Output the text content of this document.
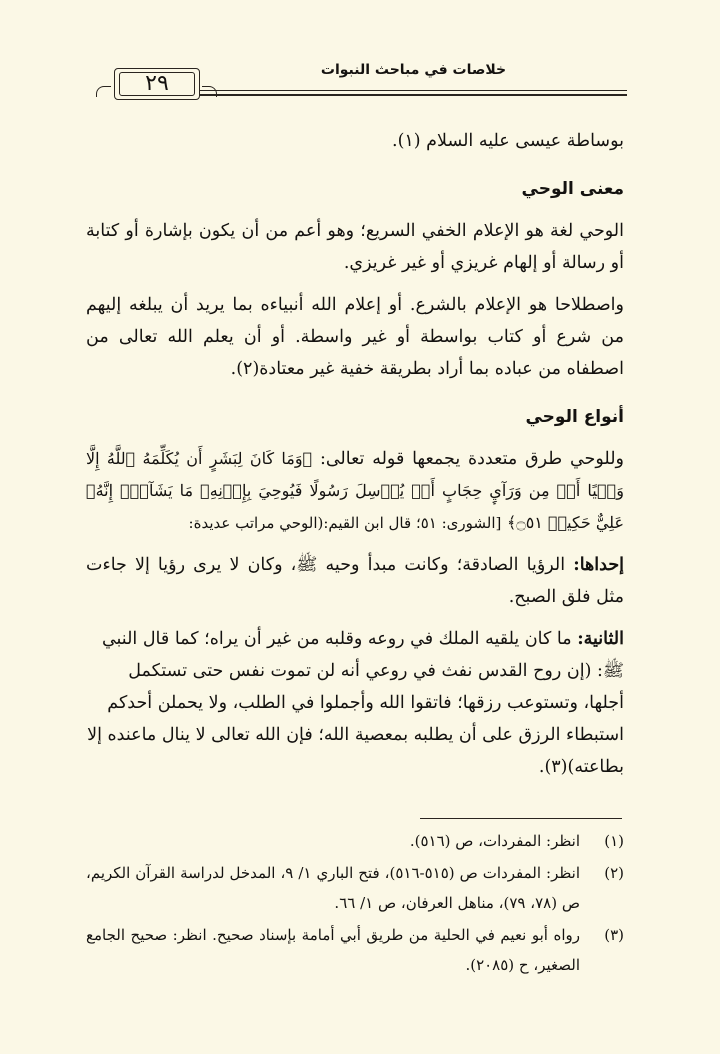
٢٩
خلاصات في مباحث النبوات

بوساطة عيسى عليه السلام (١).

معنى الوحي

الوحي لغة هو الإعلام الخفي السريع؛ وهو أعم من أن يكون بإشارة أو كتابة أو رسالة أو إلهام غريزي أو غير غريزي.

واصطلاحا هو الإعلام بالشرع. أو إعلام الله أنبياءه بما يريد أن يبلغه إليهم من شرع أو كتاب بواسطة أو غير واسطة. أو أن يعلم الله تعالى من اصطفاه من عباده بما أراد بطريقة خفية غير معتادة(٢).

أنواع الوحي

وللوحي طرق متعددة يجمعها قوله تعالى: ﴿وَمَا كَانَ لِبَشَرٍ أَن يُكَلِّمَهُ ٱللَّهُ إِلَّا وَحۡيًا أَوۡ مِن وَرَآيِٕ حِجَابٍ أَوۡ يُرۡسِلَ رَسُولًا فَيُوحِيَ بِإِذۡنِهِۦ مَا يَشَآءُۚ إِنَّهُۥ عَلِيٌّ حَكِيمٞ ۝٥١﴾ [الشورى: ٥١؛ قال ابن القيم:(الوحي مراتب عديدة:

إحداها: الرؤيا الصادقة؛ وكانت مبدأ وحيه ﷺ، وكان لا يرى رؤيا إلا جاءت مثل فلق الصبح.

الثانية: ما كان يلقيه الملك في روعه وقلبه من غير أن يراه؛ كما قال النبي ﷺ: (إن روح القدس نفث في روعي أنه لن تموت نفس حتى تستكمل أجلها، وتستوعب رزقها؛ فاتقوا الله وأجملوا في الطلب، ولا يحملن أحدكم استبطاء الرزق على أن يطلبه بمعصية الله؛ فإن الله تعالى لا ينال ماعنده إلا بطاعته)(٣).

(١)
انظر: المفردات، ص (٥١٦).
(٢)
انظر: المفردات ص (٥١٥-٥١٦)، فتح الباري ١/ ٩، المدخل لدراسة القرآن الكريم، ص (٧٨، ٧٩)، مناهل العرفان، ص ١/ ٦٦.
(٣)
رواه أبو نعيم في الحلية من طريق أبي أمامة بإسناد صحيح. انظر: صحيح الجامع الصغير، ح (٢٠٨٥).
